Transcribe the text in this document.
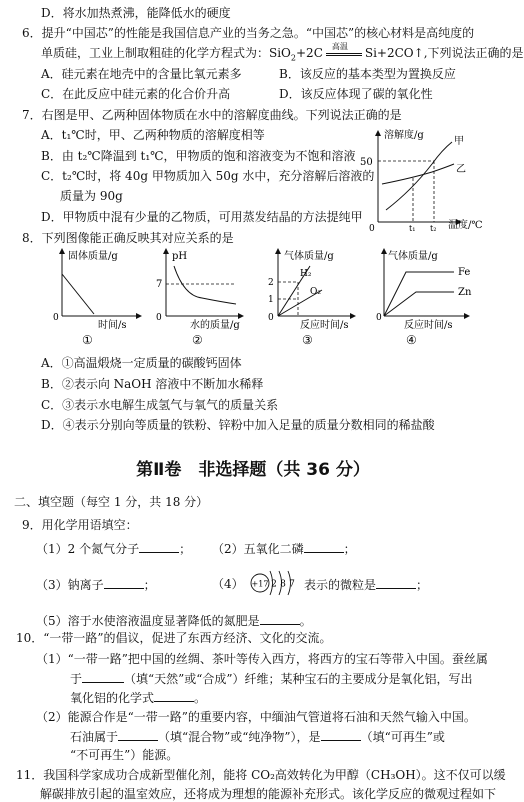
D．将水加热煮沸，能降低水的硬度
6．提升“中国芯”的性能是我国信息产业的当务之急。“中国芯”的核心材料是高纯度的
单质硅，工业上制取粗硅的化学方程式为：SiO$_2$+2C 高温 Si+2CO↑,下列说法正确的是
A．硅元素在地壳中的含量比氧元素多	B．该反应的基本类型为置换反应
C．在此反应中硅元素的化合价升高	D．该反应体现了碳的氧化性
7．右图是甲、乙两种固体物质在水中的溶解度曲线。下列说法正确的是
A．t₁℃时，甲、乙两种物质的溶解度相等
B．由 t₂℃降温到 t₁℃，甲物质的饱和溶液变为不饱和溶液
C．t₂℃时，将 40g 甲物质加入 50g 水中，充分溶解后溶液的
质量为 90g
D．甲物质中混有少量的乙物质，可用蒸发结晶的方法提纯甲
溶解度/g
50
0
甲
乙
t₁ t₂ 温度/℃
8．下列图像能正确反映其对应关系的是
固体质量/g
0
时间/s
①
pH
7
0
水的质量/g
②
气体质量/g
2
1
0
H₂
O₂
反应时间/s
③
气体质量/g
0
Fe
Zn
反应时间/s
④
A．①高温煅烧一定质量的碳酸钙固体
B．②表示向 NaOH 溶液中不断加水稀释
C．③表示水电解生成氢气与氧气的质量关系
D．④表示分别向等质量的铁粉、锌粉中加入足量的质量分数相同的稀盐酸
第Ⅱ卷　非选择题（共 36 分）
二、填空题（每空 1 分，共 18 分）
9．用化学用语填空：
（1）2 个氮气分子	； （2）五氧化二磷	；
（3）钠离子	；	（4） +17 2 8 7 表示的微粒是	；
（5）溶于水使溶液温度显著降低的氮肥是	。
10．“一带一路”的倡议，促进了东西方经济、文化的交流。
（1）“一带一路”把中国的丝绸、茶叶等传入西方，将西方的宝石等带入中国。蚕丝属
于	（填“天然”或“合成”）纤维；某种宝石的主要成分是氧化铝，写出
氧化铝的化学式	。
（2）能源合作是“一带一路”的重要内容，中缅油气管道将石油和天然气输入中国。
石油属于	（填“混合物”或“纯净物”），是	（填“可再生”或
“不可再生”）能源。
11．我国科学家成功合成新型催化剂，能将 CO₂高效转化为甲醇（CH₃OH）。这不仅可以缓
解碳排放引起的温室效应，还将成为理想的能源补充形式。该化学反应的微观过程如下
